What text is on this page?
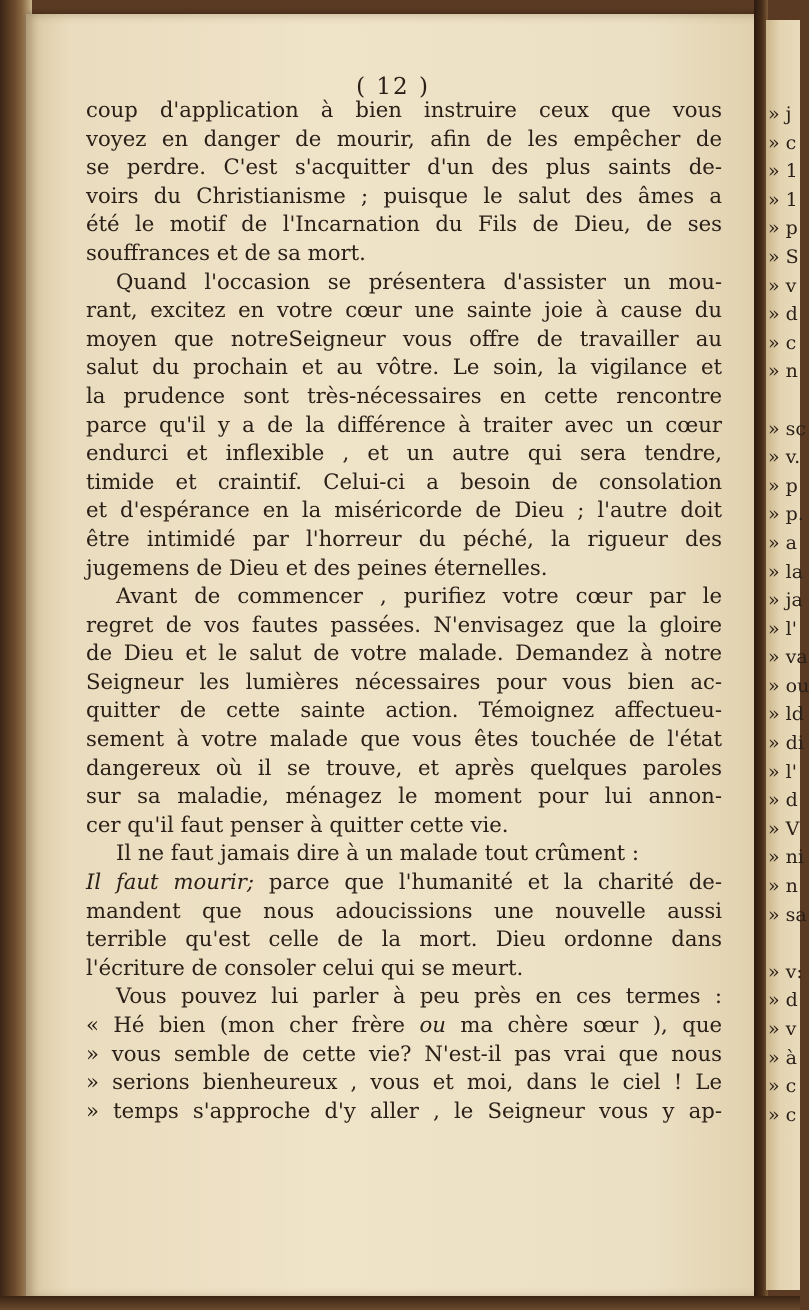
( 12 )
coup d'application à bien instruire ceux que vous
voyez en danger de mourir, afin de les empêcher de
se perdre. C'est s'acquitter d'un des plus saints de-
voirs du Christianisme ; puisque le salut des âmes a
été le motif de l'Incarnation du Fils de Dieu, de ses
souffrances et de sa mort.
Quand l'occasion se présentera d'assister un mou-
rant, excitez en votre cœur une sainte joie à cause du
moyen que notreSeigneur vous offre de travailler au
salut du prochain et au vôtre. Le soin, la vigilance et
la prudence sont très-nécessaires en cette rencontre
parce qu'il y a de la différence à traiter avec un cœur
endurci et inflexible , et un autre qui sera tendre,
timide et craintif. Celui-ci a besoin de consolation
et d'espérance en la miséricorde de Dieu ; l'autre doit
être intimidé par l'horreur du péché, la rigueur des
jugemens de Dieu et des peines éternelles.
Avant de commencer , purifiez votre cœur par le
regret de vos fautes passées. N'envisagez que la gloire
de Dieu et le salut de votre malade. Demandez à notre
Seigneur les lumières nécessaires pour vous bien ac-
quitter de cette sainte action. Témoignez affectueu-
sement à votre malade que vous êtes touchée de l'état
dangereux où il se trouve, et après quelques paroles
sur sa maladie, ménagez le moment pour lui annon-
cer qu'il faut penser à quitter cette vie.
Il ne faut jamais dire à un malade tout crûment :
Il faut mourir; parce que l'humanité et la charité de-
mandent que nous adoucissions une nouvelle aussi
terrible qu'est celle de la mort. Dieu ordonne dans
l'écriture de consoler celui qui se meurt.
Vous pouvez lui parler à peu près en ces termes :
« Hé bien (mon cher frère ou ma chère sœur ), que
» vous semble de cette vie? N'est-il pas vrai que nous
» serions bienheureux , vous et moi, dans le ciel ! Le
» temps s'approche d'y aller , le Seigneur vous y ap-
» j
» c
» 1
» 1
» p
» S
» v
» d
» c
» n
» sc
» v.
» p
» p.
» a
» la
» ja
» l'
» va
» ou
» ld
» di
» l'
» d
» V
» ni
» n
» sa
» v:
» d
» v
» à
» c
» c
